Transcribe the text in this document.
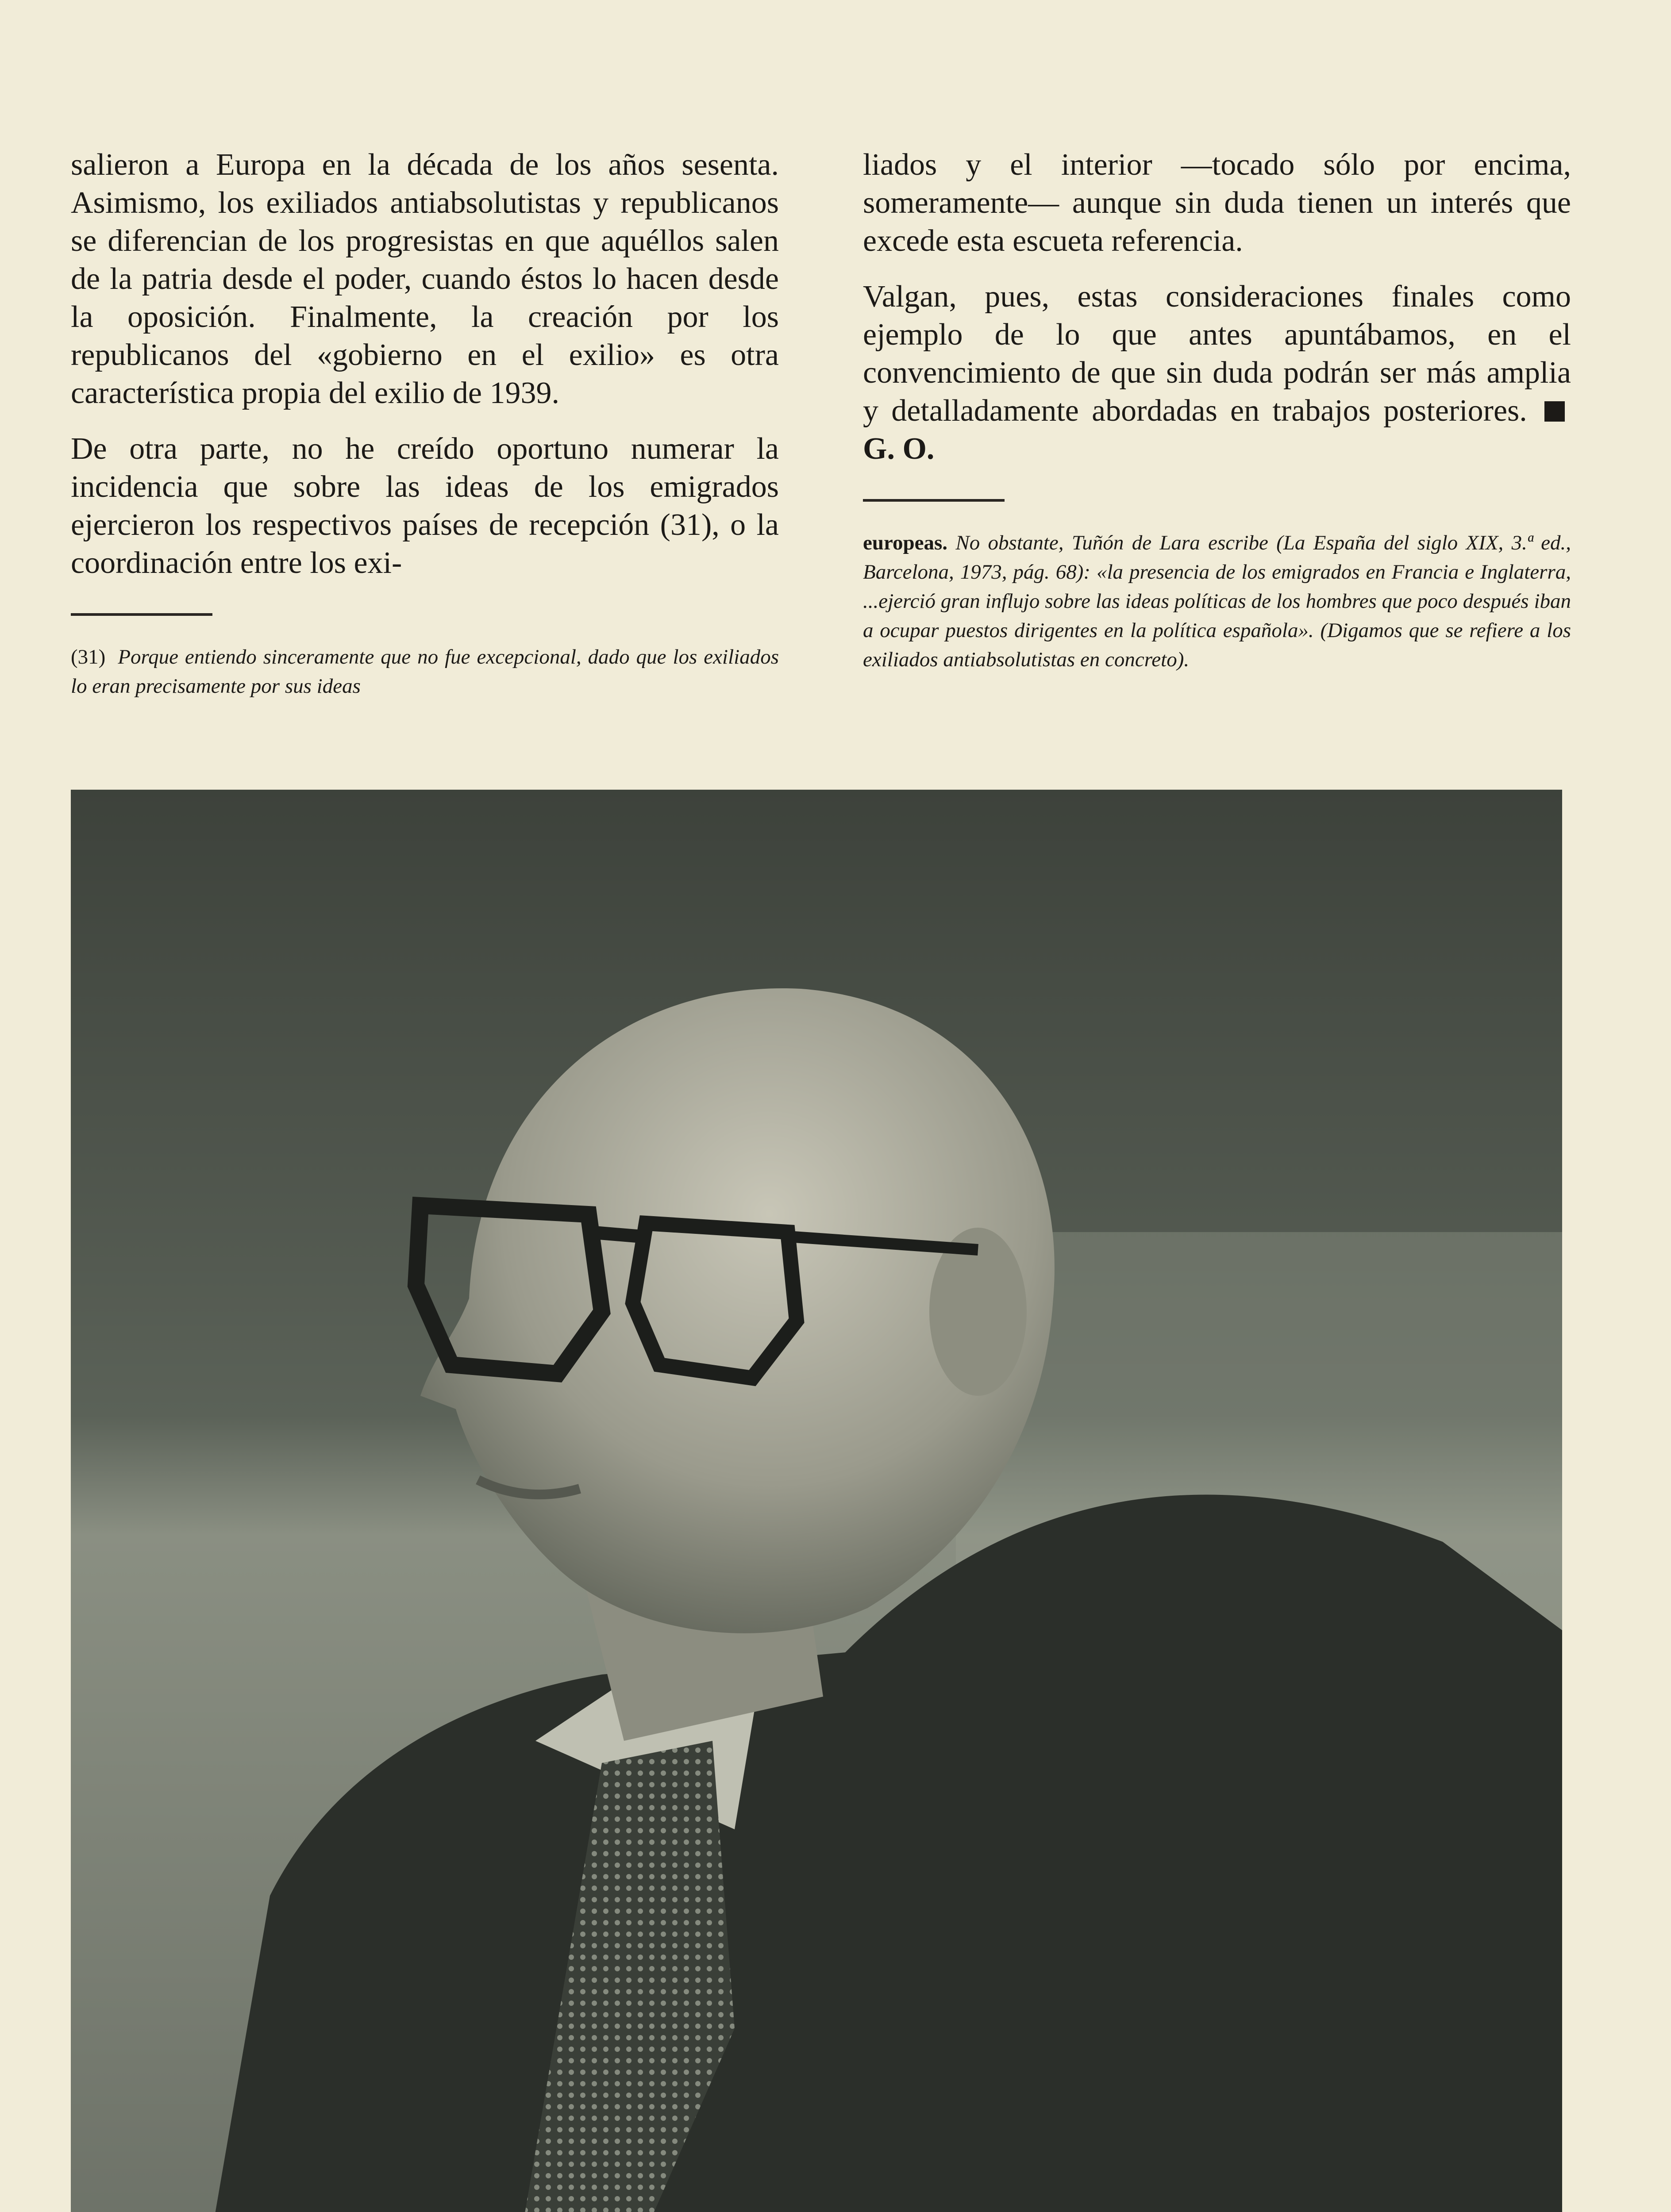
salieron a Europa en la década de los años sesenta. Asimismo, los exiliados antiabsolutistas y republicanos se diferencian de los progresistas en que aquéllos salen de la patria desde el poder, cuando éstos lo hacen desde la oposición. Finalmente, la creación por los republicanos del «gobierno en el exilio» es otra característica propia del exilio de 1939.

De otra parte, no he creído oportuno numerar la incidencia que sobre las ideas de los emigrados ejercieron los respectivos países de recepción (31), o la coordinación entre los exi-

(31) Porque entiendo sinceramente que no fue excepcional, dado que los exiliados lo eran precisamente por sus ideas

liados y el interior —tocado sólo por encima, someramente— aunque sin duda tienen un interés que excede esta escueta referencia.

Valgan, pues, estas consideraciones finales como ejemplo de lo que antes apuntábamos, en el convencimiento de que sin duda podrán ser más amplia y detalladamente abordadas en trabajos posteriores. G. O.

europeas. No obstante, Tuñón de Lara escribe (La España del siglo XIX, 3.ª ed., Barcelona, 1973, pág. 68): «la presencia de los emigrados en Francia e Inglaterra, ...ejerció gran influjo sobre las ideas políticas de los hombres que poco después iban a ocupar puestos dirigentes en la política española». (Digamos que se refiere a los exiliados antiabsolutistas en concreto).
